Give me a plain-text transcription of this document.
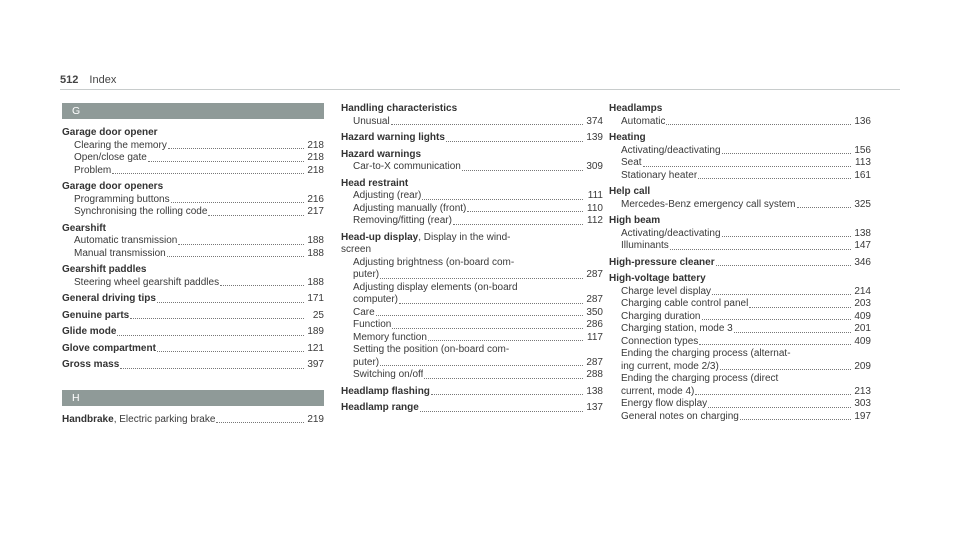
512 Index
G
Garage door opener
Clearing the memory	218
Open/close gate	218
Problem	218
Garage door openers
Programming buttons	216
Synchronising the rolling code	217
Gearshift
Automatic transmission	188
Manual transmission	188
Gearshift paddles
Steering wheel gearshift paddles	188
General driving tips	171
Genuine parts	25
Glide mode	189
Glove compartment	121
Gross mass	397
H
Handbrake, Electric parking brake	219
Handling characteristics
Unusual	374
Hazard warning lights	139
Hazard warnings
Car-to-X communication	309
Head restraint
Adjusting (rear)	111
Adjusting manually (front)	110
Removing/fitting (rear)	112
Head-up display, Display in the wind-
screen
Adjusting brightness (on-board com-
puter)	287
Adjusting display elements (on-board
computer)	287
Care	350
Function	286
Memory function	117
Setting the position (on-board com-
puter)	287
Switching on/off	288
Headlamp flashing	138
Headlamp range	137
Headlamps
Automatic	136
Heating
Activating/deactivating	156
Seat	113
Stationary heater	161
Help call
Mercedes-Benz emergency call system	325
High beam
Activating/deactivating	138
Illuminants	147
High-pressure cleaner	346
High-voltage battery
Charge level display	214
Charging cable control panel	203
Charging duration	409
Charging station, mode 3	201
Connection types	409
Ending the charging process (alternat-
ing current, mode 2/3)	209
Ending the charging process (direct
current, mode 4)	213
Energy flow display	303
General notes on charging	197
